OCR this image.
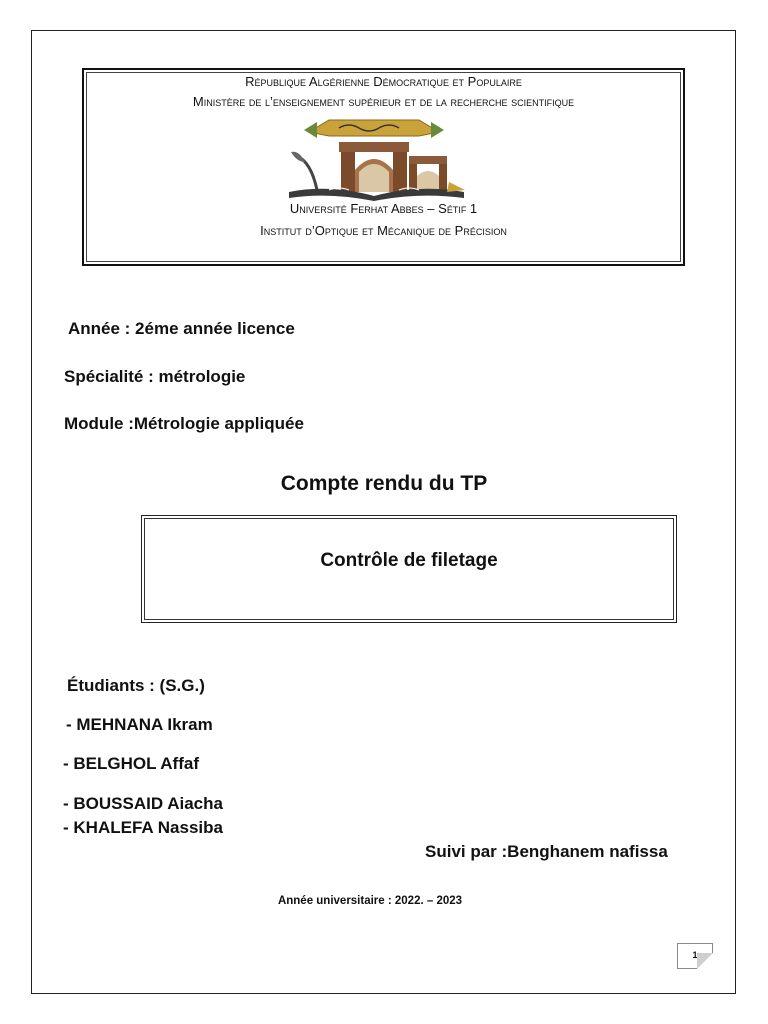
République Algérienne Démocratique et Populaire
Ministère de l’enseignement supérieur et de la recherche scientifique
Université Ferhat Abbes – Sétif 1
Institut d’Optique et Mécanique de Précision
Année : 2éme année licence
Spécialité : métrologie
Module :Métrologie appliquée
Compte rendu du TP
Contrôle de filetage
Étudiants : (S.G.)
- MEHNANA Ikram
- BELGHOL Affaf
- BOUSSAID Aiacha
- KHALEFA Nassiba
Suivi par :Benghanem nafissa
Année universitaire : 2022. – 2023
1
